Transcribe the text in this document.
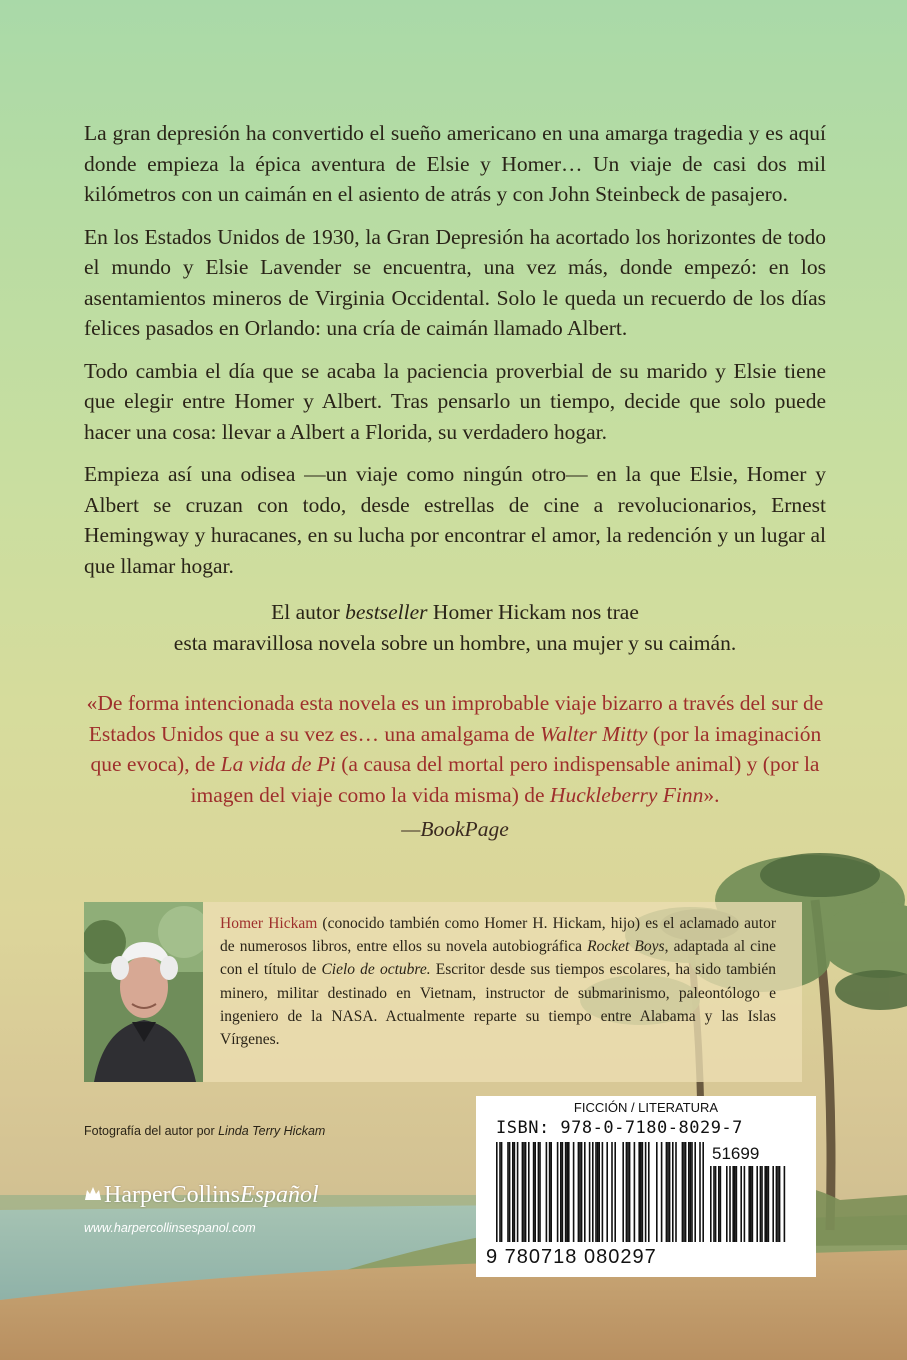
La gran depresión ha convertido el sueño americano en una amarga tragedia y es aquí donde empieza la épica aventura de Elsie y Homer… Un viaje de casi dos mil kilómetros con un caimán en el asiento de atrás y con John Steinbeck de pasajero.

En los Estados Unidos de 1930, la Gran Depresión ha acortado los horizontes de todo el mundo y Elsie Lavender se encuentra, una vez más, donde empezó: en los asentamientos mineros de Virginia Occidental. Solo le queda un recuerdo de los días felices pasados en Orlando: una cría de caimán llamado Albert.

Todo cambia el día que se acaba la paciencia proverbial de su marido y Elsie tiene que elegir entre Homer y Albert. Tras pensarlo un tiempo, decide que solo puede hacer una cosa: llevar a Albert a Florida, su verdadero hogar.

Empieza así una odisea —un viaje como ningún otro— en la que Elsie, Homer y Albert se cruzan con todo, desde estrellas de cine a revolucionarios, Ernest Hemingway y huracanes, en su lucha por encontrar el amor, la redención y un lugar al que llamar hogar.

El autor bestseller Homer Hickam nos trae
esta maravillosa novela sobre un hombre, una mujer y su caimán.

«De forma intencionada esta novela es un improbable viaje bizarro a través del sur de Estados Unidos que a su vez es… una amalgama de Walter Mitty (por la imaginación que evoca), de La vida de Pi (a causa del mortal pero indispensable animal) y (por la imagen del viaje como la vida misma) de Huckleberry Finn».

—BookPage

Homer Hickam (conocido también como Homer H. Hickam, hijo) es el aclamado autor de numerosos libros, entre ellos su novela autobiográfica Rocket Boys, adaptada al cine con el título de Cielo de octubre. Escritor desde sus tiempos escolares, ha sido también minero, militar destinado en Vietnam, instructor de submarinismo, paleontólogo e ingeniero de la NASA. Actualmente reparte su tiempo entre Alabama y las Islas Vírgenes.
Fotografía del autor por Linda Terry Hickam
HarperCollinsEspañol
www.harpercollinsespanol.com
FICCIÓN / LITERATURA
ISBN: 978-0-7180-8029-7
51699
9 780718 080297
